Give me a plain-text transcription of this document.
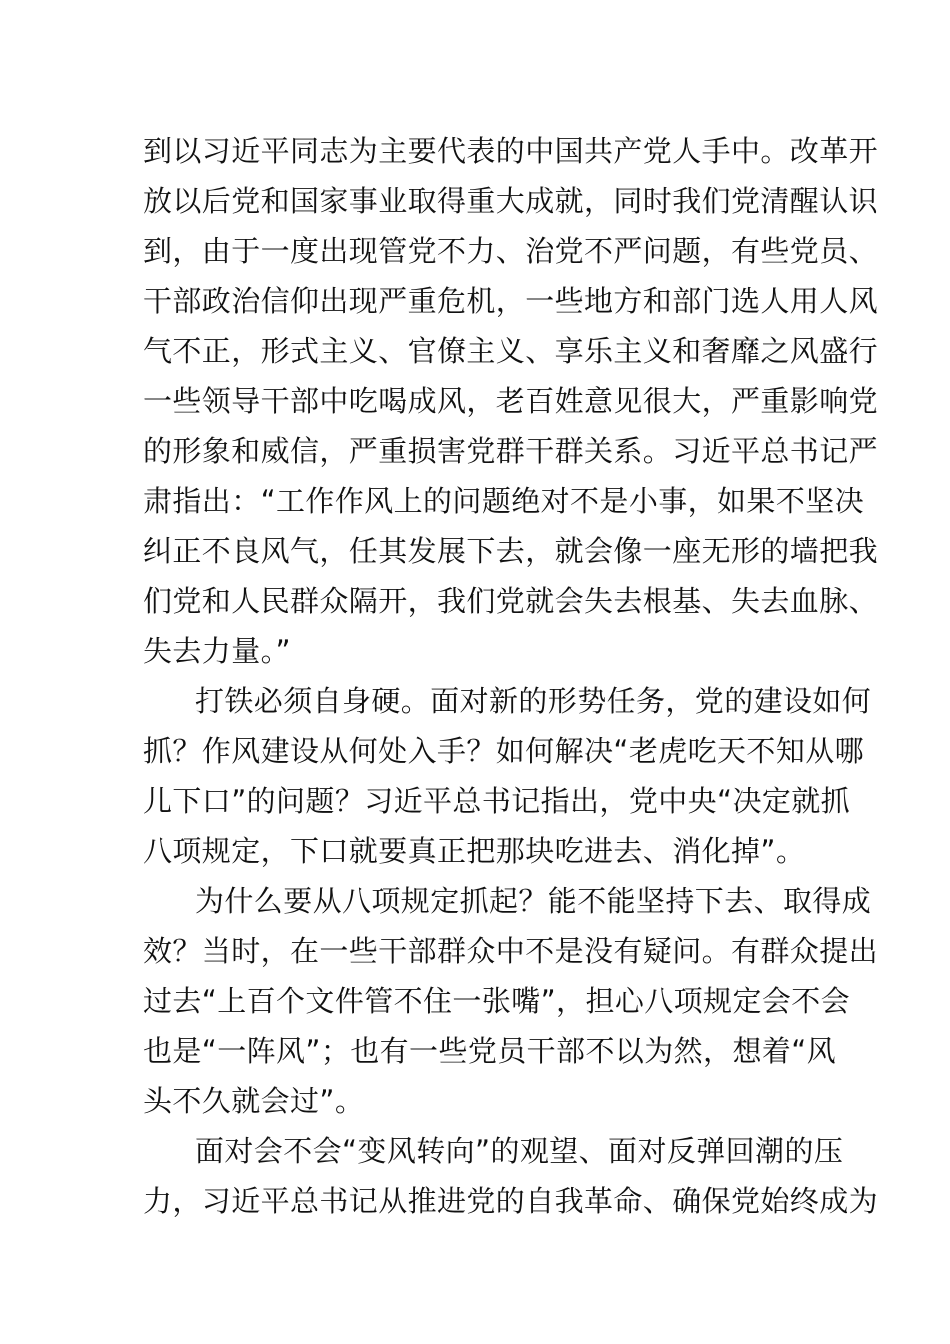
到以习近平同志为主要代表的中国共产党人手中。改革开
放以后党和国家事业取得重大成就，同时我们党清醒认识
到，由于一度出现管党不力、治党不严问题，有些党员、
干部政治信仰出现严重危机，一些地方和部门选人用人风
气不正，形式主义、官僚主义、享乐主义和奢靡之风盛行
一些领导干部中吃喝成风，老百姓意见很大，严重影响党
的形象和威信，严重损害党群干群关系。习近平总书记严
肃指出：“工作作风上的问题绝对不是小事，如果不坚决
纠正不良风气，任其发展下去，就会像一座无形的墙把我
们党和人民群众隔开，我们党就会失去根基、失去血脉、
失去力量。”
打铁必须自身硬。面对新的形势任务，党的建设如何
抓？作风建设从何处入手？如何解决“老虎吃天不知从哪
儿下口”的问题？习近平总书记指出，党中央“决定就抓
八项规定，下口就要真正把那块吃进去、消化掉”。
为什么要从八项规定抓起？能不能坚持下去、取得成
效？当时，在一些干部群众中不是没有疑问。有群众提出
过去“上百个文件管不住一张嘴”，担心八项规定会不会
也是“一阵风”；也有一些党员干部不以为然，想着“风
头不久就会过”。
面对会不会“变风转向”的观望、面对反弹回潮的压
力，习近平总书记从推进党的自我革命、确保党始终成为
